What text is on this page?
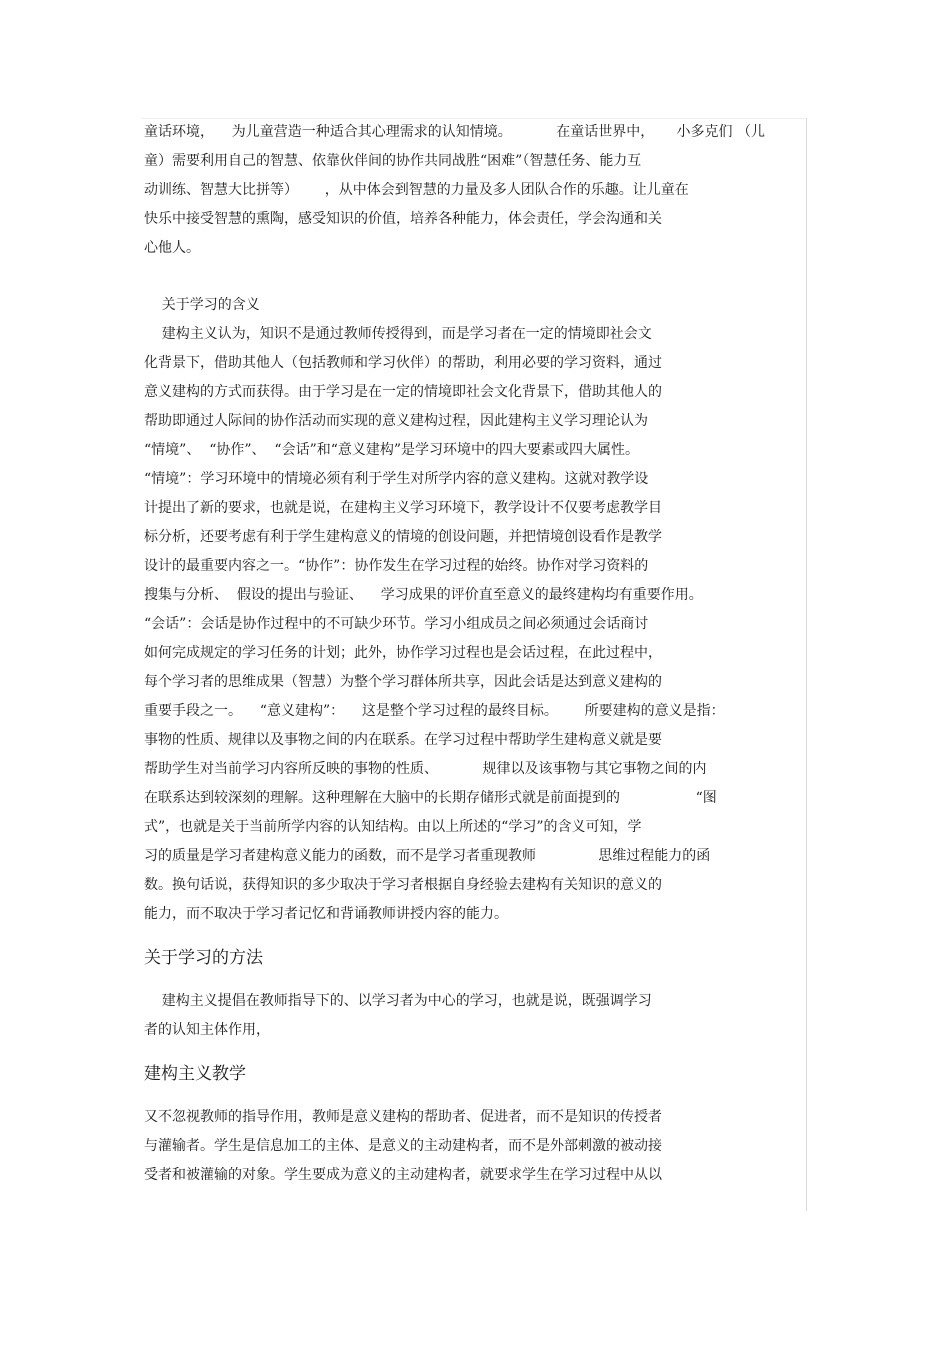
童话环境，    为儿童营造一种适合其心理需求的认知情境。          在童话世界中，     小多克们 （儿
童）需要利用自己的智慧、依靠伙伴间的协作共同战胜“困难”（智慧任务、能力互
动训练、智慧大比拼等）      ，从中体会到智慧的力量及多人团队合作的乐趣。让儿童在
快乐中接受智慧的熏陶，感受知识的价值，培养各种能力，体会责任，学会沟通和关
心他人。
关于学习的含义
建构主义认为，知识不是通过教师传授得到，而是学习者在一定的情境即社会文
化背景下，借助其他人（包括教师和学习伙伴）的帮助，利用必要的学习资料，通过
意义建构的方式而获得。由于学习是在一定的情境即社会文化背景下，借助其他人的
帮助即通过人际间的协作活动而实现的意义建构过程，因此建构主义学习理论认为
“情境”、  “协作”、  “会话”和“意义建构”是学习环境中的四大要素或四大属性。
“情境”：学习环境中的情境必须有利于学生对所学内容的意义建构。这就对教学设
计提出了新的要求，也就是说，在建构主义学习环境下，教学设计不仅要考虑教学目
标分析，还要考虑有利于学生建构意义的情境的创设问题，并把情境创设看作是教学
设计的最重要内容之一。“协作”：协作发生在学习过程的始终。协作对学习资料的
搜集与分析、  假设的提出与验证、    学习成果的评价直至意义的最终建构均有重要作用。
“会话”：会话是协作过程中的不可缺少环节。学习小组成员之间必须通过会话商讨
如何完成规定的学习任务的计划；此外，协作学习过程也是会话过程，在此过程中，
每个学习者的思维成果（智慧）为整个学习群体所共享，因此会话是达到意义建构的
重要手段之一。    “意义建构”：    这是整个学习过程的最终目标。      所要建构的意义是指：
事物的性质、规律以及事物之间的内在联系。在学习过程中帮助学生建构意义就是要
帮助学生对当前学习内容所反映的事物的性质、          规律以及该事物与其它事物之间的内
在联系达到较深刻的理解。这种理解在大脑中的长期存储形式就是前面提到的                 “图
式”，也就是关于当前所学内容的认知结构。由以上所述的“学习”的含义可知，学
习的质量是学习者建构意义能力的函数，而不是学习者重现教师              思维过程能力的函
数。换句话说，获得知识的多少取决于学习者根据自身经验去建构有关知识的意义的
能力，而不取决于学习者记忆和背诵教师讲授内容的能力。
关于学习的方法
建构主义提倡在教师指导下的、以学习者为中心的学习，也就是说，既强调学习
者的认知主体作用，
建构主义教学
又不忽视教师的指导作用，教师是意义建构的帮助者、促进者，而不是知识的传授者
与灌输者。学生是信息加工的主体、是意义的主动建构者，而不是外部刺激的被动接
受者和被灌输的对象。学生要成为意义的主动建构者，就要求学生在学习过程中从以
